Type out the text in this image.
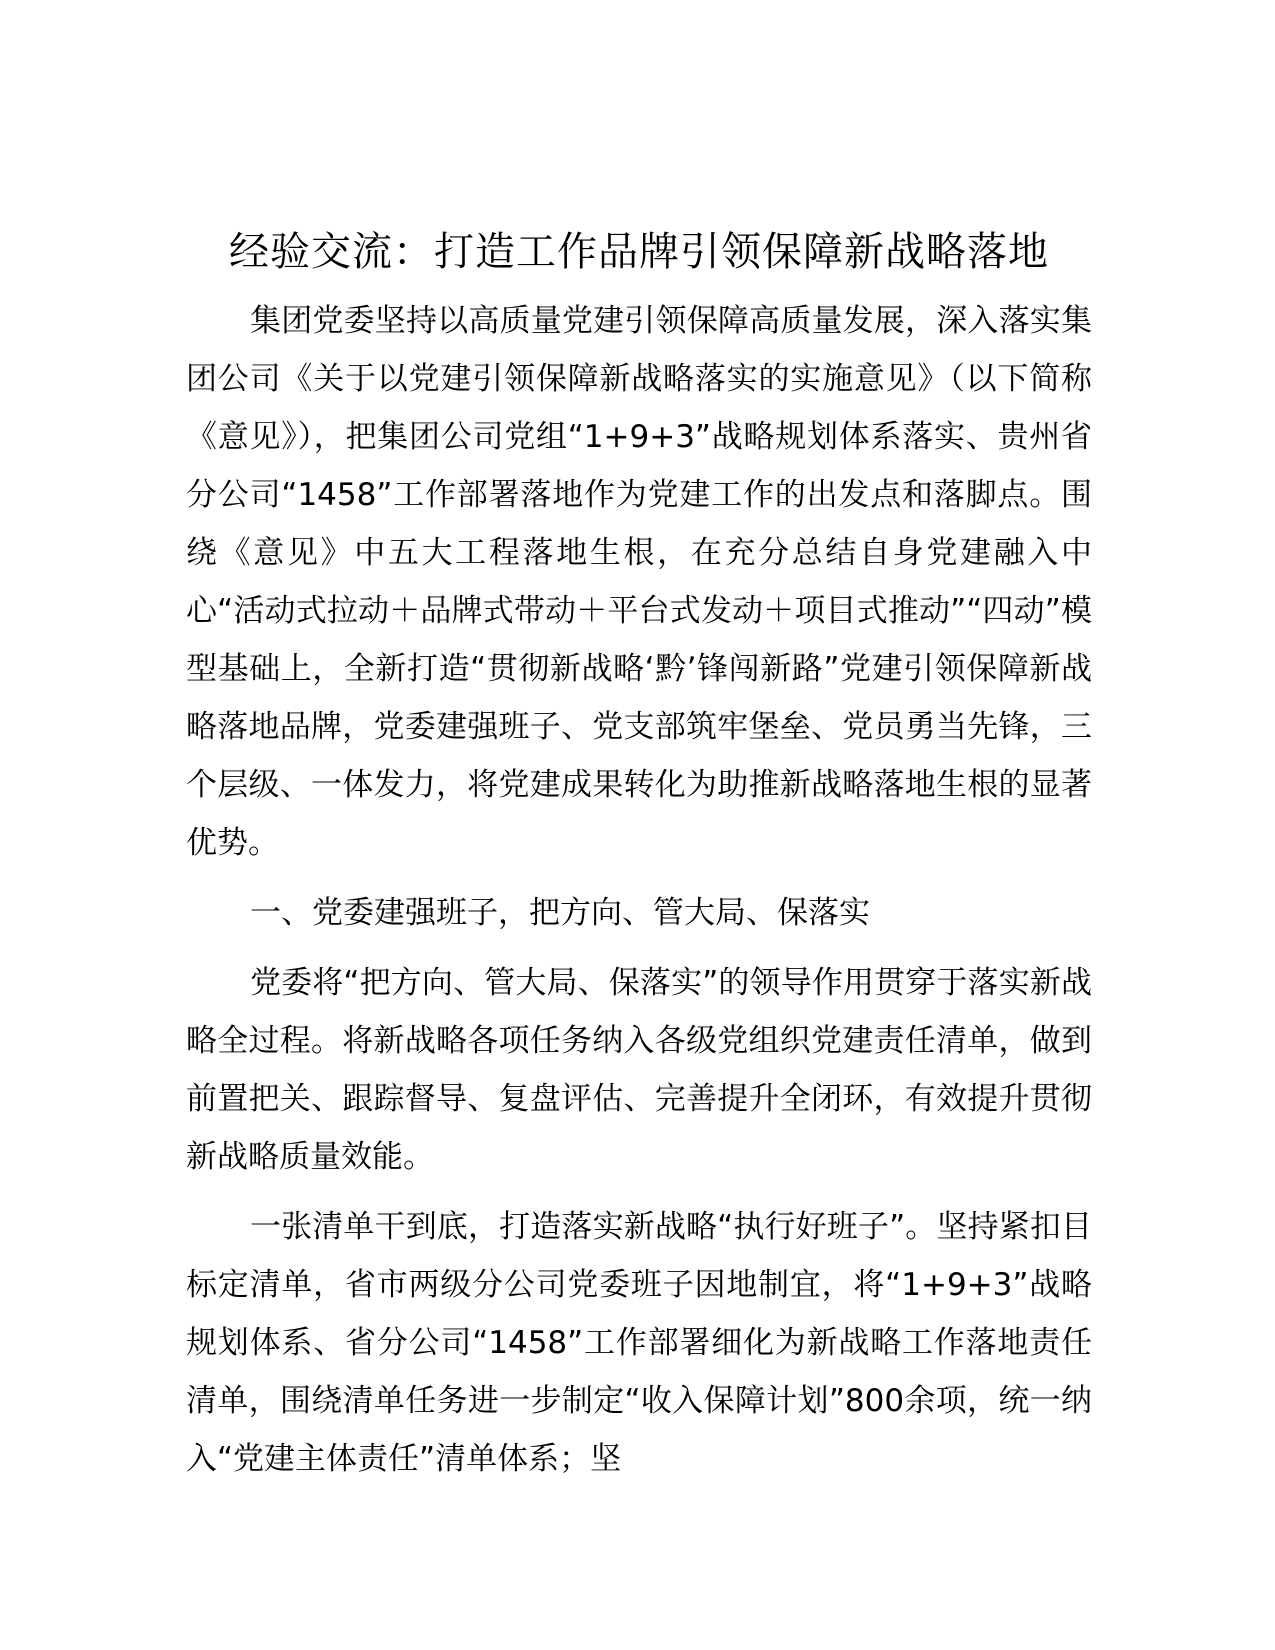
经验交流：打造工作品牌引领保障新战略落地

集团党委坚持以高质量党建引领保障高质量发展，深入落实集团公司《关于以党建引领保障新战略落实的实施意见》（以下简称《意见》），把集团公司党组“1+9+3”战略规划体系落实、贵州省分公司“1458”工作部署落地作为党建工作的出发点和落脚点。围绕《意见》中五大工程落地生根，在充分总结自身党建融入中心“活动式拉动＋品牌式带动＋平台式发动＋项目式推动”“四动”模型基础上，全新打造“贯彻新战略‘黔’锋闯新路”党建引领保障新战略落地品牌，党委建强班子、党支部筑牢堡垒、党员勇当先锋，三个层级、一体发力，将党建成果转化为助推新战略落地生根的显著优势。

一、党委建强班子，把方向、管大局、保落实

党委将“把方向、管大局、保落实”的领导作用贯穿于落实新战略全过程。将新战略各项任务纳入各级党组织党建责任清单，做到前置把关、跟踪督导、复盘评估、完善提升全闭环，有效提升贯彻新战略质量效能。

一张清单干到底，打造落实新战略“执行好班子”。坚持紧扣目标定清单，省市两级分公司党委班子因地制宜，将“1+9+3”战略规划体系、省分公司“1458”工作部署细化为新战略工作落地责任清单，围绕清单任务进一步制定“收入保障计划”800余项，统一纳入“党建主体责任”清单体系；坚
